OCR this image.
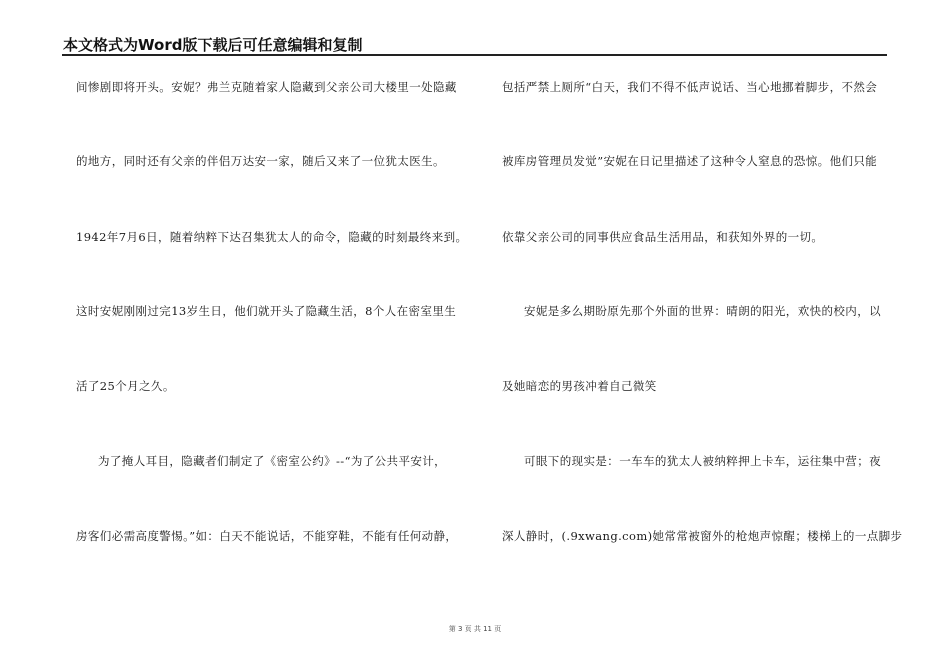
本文格式为Word版下载后可任意编辑和复制
间惨剧即将开头。安妮？弗兰克随着家人隐藏到父亲公司大楼里一处隐藏
的地方，同时还有父亲的伴侣万达安一家，随后又来了一位犹太医生。
1942年7月6日，随着纳粹下达召集犹太人的命令，隐藏的时刻最终来到。
这时安妮刚刚过完13岁生日，他们就开头了隐藏生活，8个人在密室里生
活了25个月之久。
为了掩人耳目，隐藏者们制定了《密室公约》--“为了公共平安计，
房客们必需高度警惕。”如：白天不能说话，不能穿鞋，不能有任何动静，
包括严禁上厕所“白天，我们不得不低声说话、当心地挪着脚步，不然会
被库房管理员发觉”安妮在日记里描述了这种令人窒息的恐惊。他们只能
依靠父亲公司的同事供应食品生活用品，和获知外界的一切。
安妮是多么期盼原先那个外面的世界：晴朗的阳光，欢快的校内，以
及她暗恋的男孩冲着自己微笑
可眼下的现实是：一车车的犹太人被纳粹押上卡车，运往集中营；夜
深人静时，(.9xwang.com)她常常被窗外的枪炮声惊醒；楼梯上的一点脚步
第 3 页 共 11 页
